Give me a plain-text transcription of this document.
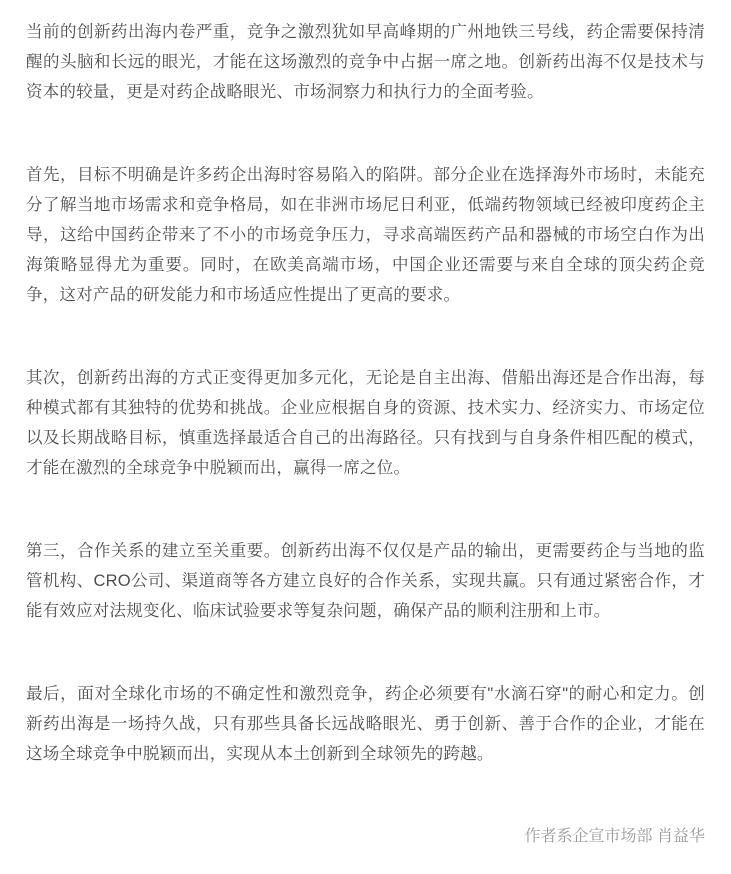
当前的创新药出海内卷严重，竞争之激烈犹如早高峰期的广州地铁三号线，药企需要保持清醒的头脑和长远的眼光，才能在这场激烈的竞争中占据一席之地。创新药出海不仅是技术与资本的较量，更是对药企战略眼光、市场洞察力和执行力的全面考验。

首先，目标不明确是许多药企出海时容易陷入的陷阱。部分企业在选择海外市场时，未能充分了解当地市场需求和竞争格局，如在非洲市场尼日利亚，低端药物领域已经被印度药企主导，这给中国药企带来了不小的市场竞争压力，寻求高端医药产品和器械的市场空白作为出海策略显得尤为重要。同时，在欧美高端市场，中国企业还需要与来自全球的顶尖药企竞争，这对产品的研发能力和市场适应性提出了更高的要求。

其次，创新药出海的方式正变得更加多元化，无论是自主出海、借船出海还是合作出海，每种模式都有其独特的优势和挑战。企业应根据自身的资源、技术实力、经济实力、市场定位以及长期战略目标，慎重选择最适合自己的出海路径。只有找到与自身条件相匹配的模式，才能在激烈的全球竞争中脱颖而出，赢得一席之位。

第三，合作关系的建立至关重要。创新药出海不仅仅是产品的输出，更需要药企与当地的监管机构、CRO公司、渠道商等各方建立良好的合作关系，实现共赢。只有通过紧密合作，才能有效应对法规变化、临床试验要求等复杂问题，确保产品的顺利注册和上市。

最后，面对全球化市场的不确定性和激烈竞争，药企必须要有"水滴石穿"的耐心和定力。创新药出海是一场持久战，只有那些具备长远战略眼光、勇于创新、善于合作的企业，才能在这场全球竞争中脱颖而出，实现从本土创新到全球领先的跨越。

作者系企宣市场部 肖益华
